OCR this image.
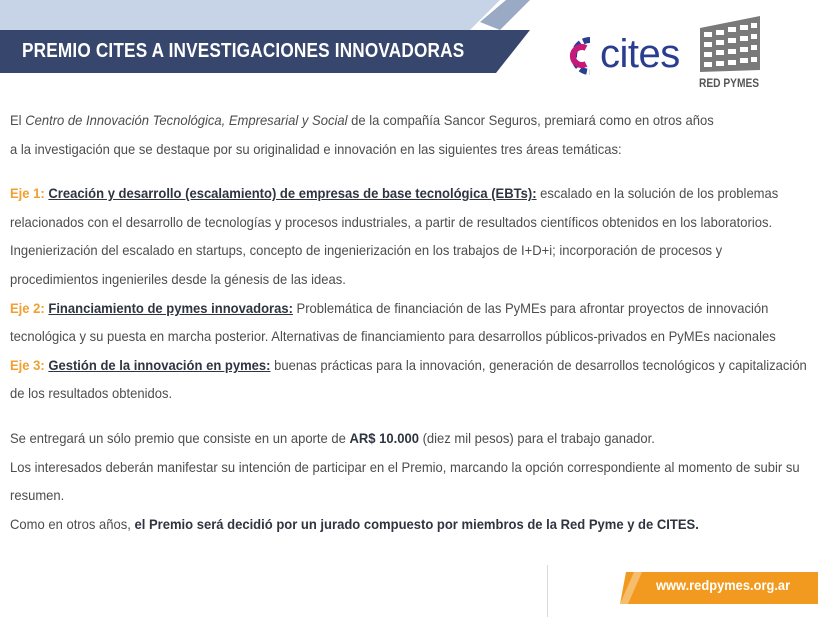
PREMIO CITES A INVESTIGACIONES INNOVADORAS	cites
RED PYMES

El Centro de Innovación Tecnológica, Empresarial y Social de la compañía Sancor Seguros, premiará como en otros años
a la investigación que se destaque por su originalidad e innovación en las siguientes tres áreas temáticas:

Eje 1: Creación y desarrollo (escalamiento) de empresas de base tecnológica (EBTs): escalado en la solución de los problemas relacionados con el desarrollo de tecnologías y procesos industriales, a partir de resultados científicos obtenidos en los laboratorios. Ingenierización del escalado en startups, concepto de ingenierización en los trabajos de I+D+i; incorporación de procesos y procedimientos ingenieriles desde la génesis de las ideas.

Eje 2: Financiamiento de pymes innovadoras: Problemática de financiación de las PyMEs para afrontar proyectos de innovación tecnológica y su puesta en marcha posterior. Alternativas de financiamiento para desarrollos públicos-privados en PyMEs nacionales

Eje 3: Gestión de la innovación en pymes: buenas prácticas para la innovación, generación de desarrollos tecnológicos y capitalización de los resultados obtenidos.

Se entregará un sólo premio que consiste en un aporte de AR$ 10.000 (diez mil pesos) para el trabajo ganador.

Los interesados deberán manifestar su intención de participar en el Premio, marcando la opción correspondiente al momento de subir su resumen.

Como en otros años, el Premio será decidió por un jurado compuesto por miembros de la Red Pyme y de CITES.

www.redpymes.org.ar
